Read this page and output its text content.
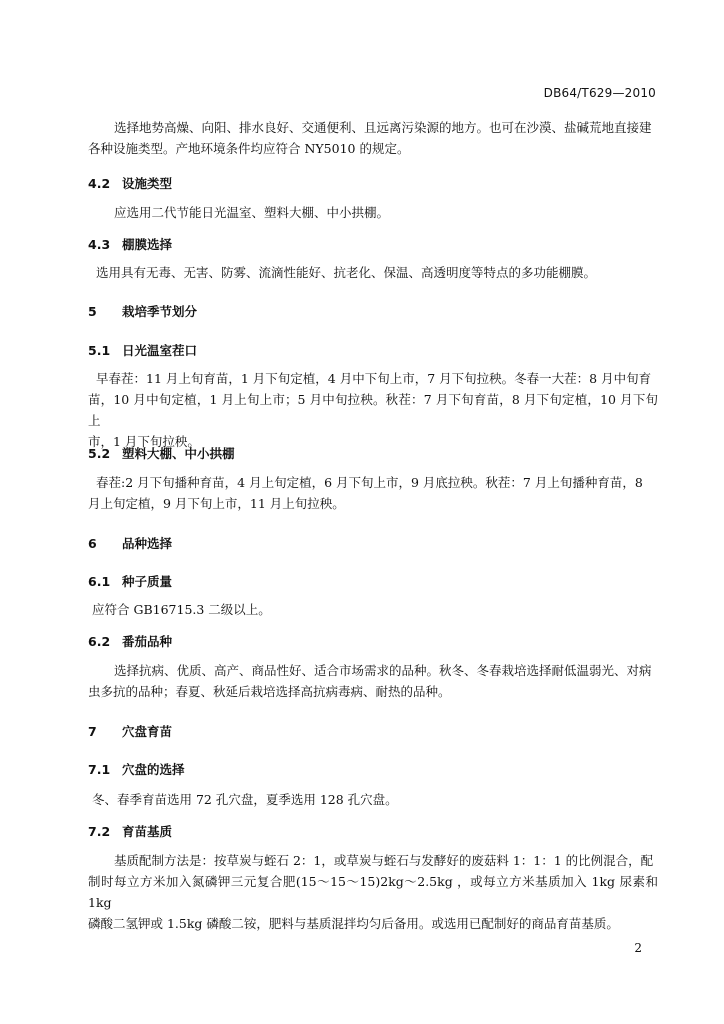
DB64/T629—2010
选择地势高燥、向阳、排水良好、交通便利、且远离污染源的地方。也可在沙漠、盐碱荒地直接建
各种设施类型。产地环境条件均应符合 NY5010 的规定。
4.2 设施类型
应选用二代节能日光温室、塑料大棚、中小拱棚。
4.3 棚膜选择
选用具有无毒、无害、防雾、流滴性能好、抗老化、保温、高透明度等特点的多功能棚膜。
5 栽培季节划分
5.1 日光温室茬口
早春茬：11 月上旬育苗，1 月下旬定植，4 月中下旬上市，7 月下旬拉秧。冬春一大茬：8 月中旬育
苗，10 月中旬定植，1 月上旬上市；5 月中旬拉秧。秋茬：7 月下旬育苗，8 月下旬定植，10 月下旬上
市，1 月下旬拉秧。
5.2 塑料大棚、中小拱棚
春茬:2 月下旬播种育苗，4 月上旬定植，6 月下旬上市，9 月底拉秧。秋茬：7 月上旬播种育苗，8
月上旬定植，9 月下旬上市，11 月上旬拉秧。
6 品种选择
6.1 种子质量
应符合 GB16715.3 二级以上。
6.2 番茄品种
选择抗病、优质、高产、商品性好、适合市场需求的品种。秋冬、冬春栽培选择耐低温弱光、对病
虫多抗的品种；春夏、秋延后栽培选择高抗病毒病、耐热的品种。
7 穴盘育苗
7.1 穴盘的选择
冬、春季育苗选用 72 孔穴盘，夏季选用 128 孔穴盘。
7.2 育苗基质
基质配制方法是：按草炭与蛭石 2：1，或草炭与蛭石与发酵好的废菇料 1：1：1 的比例混合，配
制时每立方米加入氮磷钾三元复合肥(15～15～15)2kg～2.5kg ，或每立方米基质加入 1kg 尿素和 1kg
磷酸二氢钾或 1.5kg 磷酸二铵，肥料与基质混拌均匀后备用。或选用已配制好的商品育苗基质。
2
